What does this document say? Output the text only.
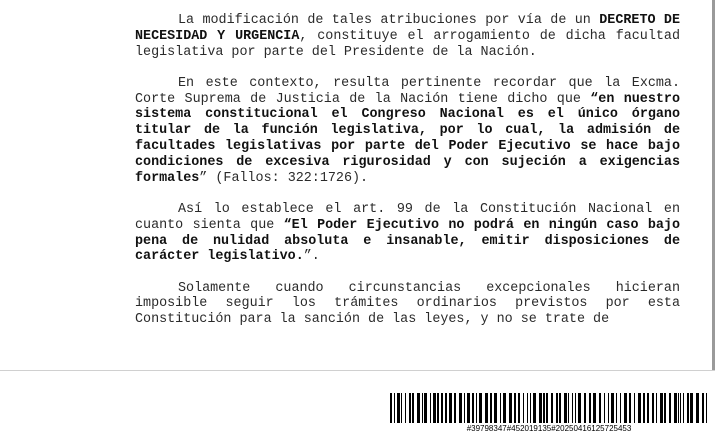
La modificación de tales atribuciones por vía de un DECRETO DE NECESIDAD Y URGENCIA, constituye el arrogamiento de dicha facultad legislativa por parte del Presidente de la Nación.

En este contexto, resulta pertinente recordar que la Excma. Corte Suprema de Justicia de la Nación tiene dicho que “en nuestro sistema constitucional el Congreso Nacional es el único órgano titular de la función legislativa, por lo cual, la admisión de facultades legislativas por parte del Poder Ejecutivo se hace bajo condiciones de excesiva rigurosidad y con sujeción a exigencias formales” (Fallos: 322:1726).

Así lo establece el art. 99 de la Constitución Nacional en cuanto sienta que “El Poder Ejecutivo no podrá en ningún caso bajo pena de nulidad absoluta e insanable, emitir disposiciones de carácter legislativo.”.

Solamente cuando circunstancias excepcionales hicieran imposible seguir los trámites ordinarios previstos por esta Constitución para la sanción de las leyes, y no se trate de

#39798347#452019135#20250416125725453
